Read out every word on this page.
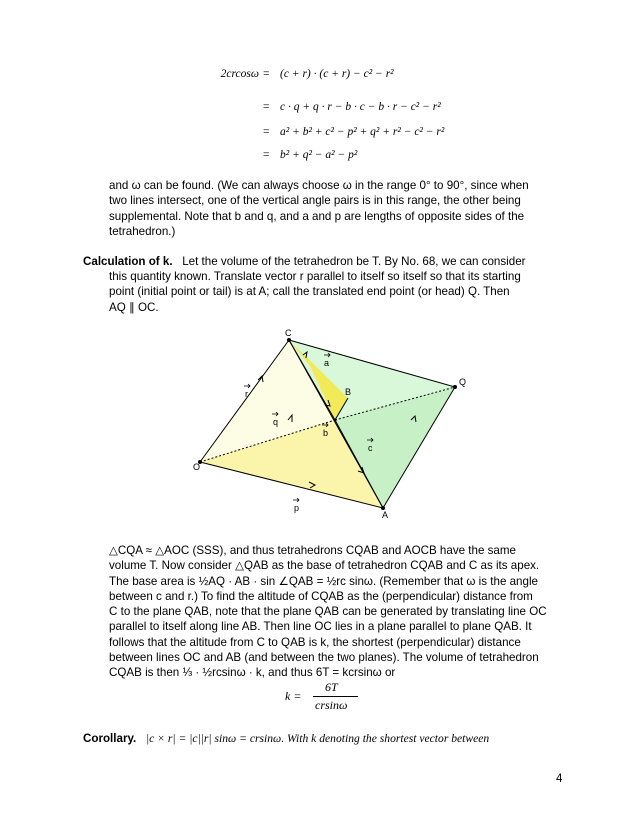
2crcosω = (c + r) · (c + r) − c² − r²
= c · q + q · r − b · c − b · r − c² − r²
= a² + b² + c² − p² + q² + r² − c² − r²
= b² + q² − a² − p²
and ω can be found. (We can always choose ω in the range 0° to 90°, since when
two lines intersect, one of the vertical angle pairs is in this range, the other being
supplemental. Note that b and q, and a and p are lengths of opposite sides of the
tetrahedron.)
Calculation of k. Let the volume of the tetrahedron be T. By No. 68, we can consider
this quantity known. Translate vector r parallel to itself so itself so that its starting
point (initial point or tail) is at A; call the translated end point (or head) Q. Then
AQ ∥ OC.
C
B
Q
O
A
a
r
q
b
c
p
△CQA ≈ △AOC (SSS), and thus tetrahedrons CQAB and AOCB have the same
volume T. Now consider △QAB as the base of tetrahedron CQAB and C as its apex.
The base area is ½AQ · AB · sin ∠QAB = ½rc sinω. (Remember that ω is the angle
between c and r.) To find the altitude of CQAB as the (perpendicular) distance from
C to the plane QAB, note that the plane QAB can be generated by translating line OC
parallel to itself along line AB. Then line OC lies in a plane parallel to plane QAB. It
follows that the altitude from C to QAB is k, the shortest (perpendicular) distance
between lines OC and AB (and between the two planes). The volume of tetrahedron
CQAB is then ⅓ · ½rcsinω · k, and thus 6T = kcrsinω or
k =
6T
crsinω
Corollary. |c × r| = |c||r| sinω = crsinω. With k denoting the shortest vector between
4
